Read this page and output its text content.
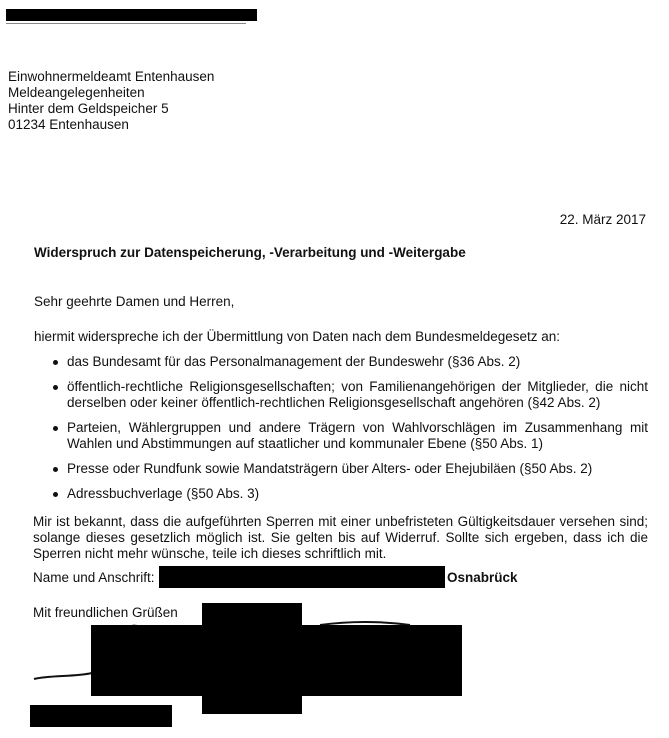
Einwohnermeldeamt Entenhausen
Meldeangelegenheiten
Hinter dem Geldspeicher 5
01234 Entenhausen
22. März 2017
Widerspruch zur Datenspeicherung, -Verarbeitung und -Weitergabe
Sehr geehrte Damen und Herren,
hiermit widerspreche ich der Übermittlung von Daten nach dem Bundesmeldegesetz an:
das Bundesamt für das Personalmanagement der Bundeswehr (§36 Abs. 2)
öffentlich-rechtliche Religionsgesellschaften; von Familienangehörigen der Mitglieder, die nicht derselben oder keiner öffentlich-rechtlichen Religionsgesellschaft angehören (§42 Abs. 2)
Parteien, Wählergruppen und andere Trägern von Wahlvorschlägen im Zusammenhang mit Wahlen und Abstimmungen auf staatlicher und kommunaler Ebene (§50 Abs. 1)
Presse oder Rundfunk sowie Mandatsträgern über Alters- oder Ehejubiläen (§50 Abs. 2)
Adressbuchverlage (§50 Abs. 3)
Mir ist bekannt, dass die aufgeführten Sperren mit einer unbefristeten Gültigkeitsdauer versehen sind; solange dieses gesetzlich möglich ist. Sie gelten bis auf Widerruf. Sollte sich ergeben, dass ich die Sperren nicht mehr wünsche, teile ich dieses schriftlich mit.
Name und Anschrift:	Osnabrück
Mit freundlichen Grüßen
